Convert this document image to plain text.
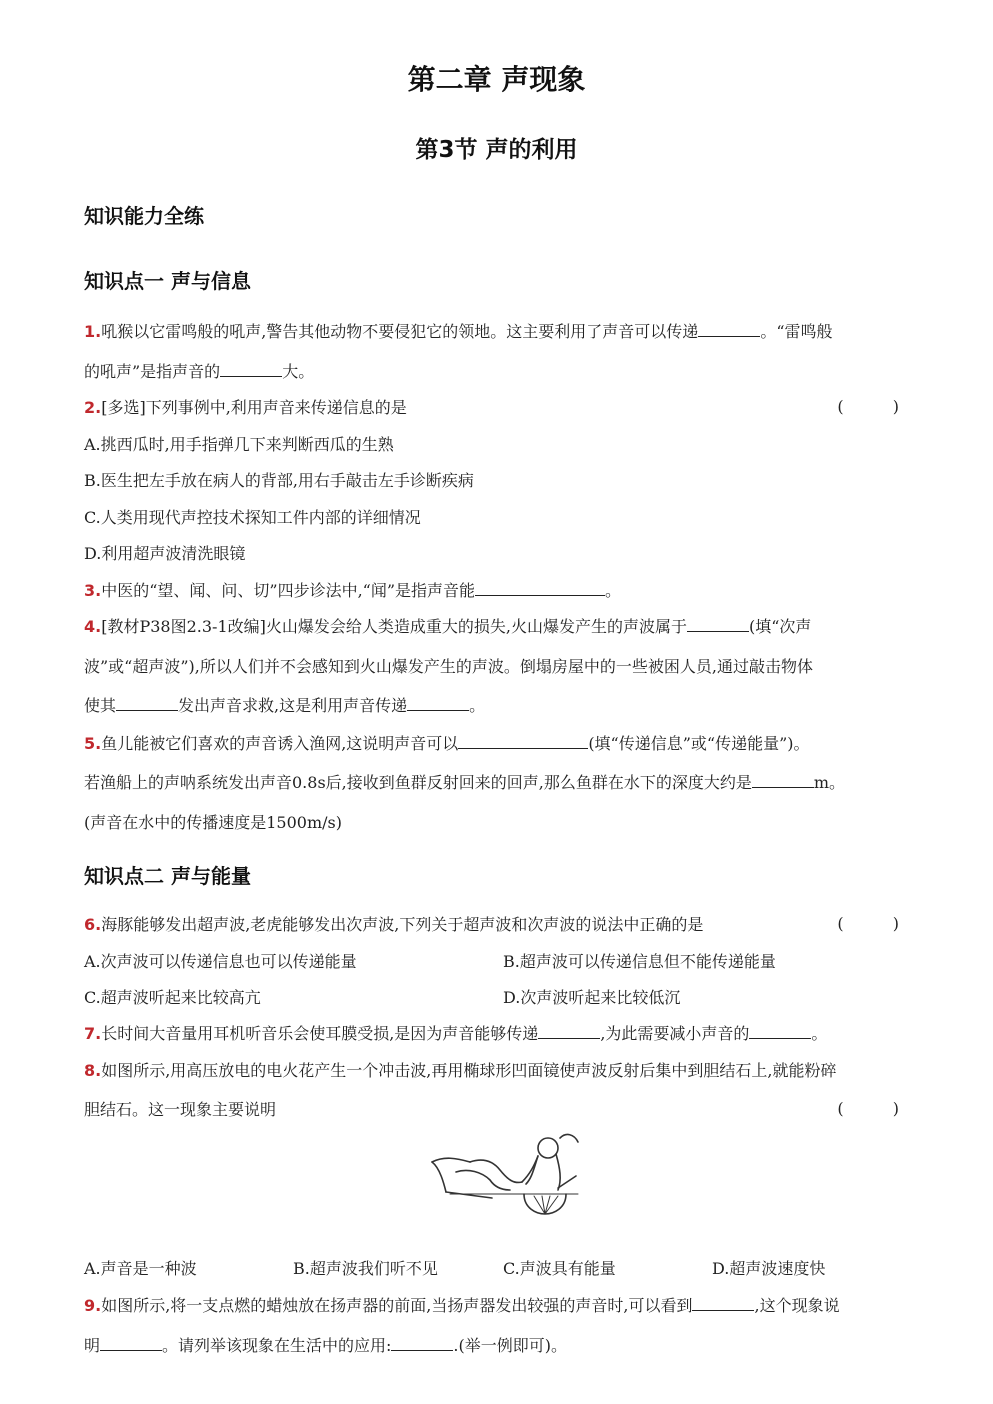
第二章 声现象
第3节 声的利用
知识能力全练
知识点一 声与信息
1.吼猴以它雷鸣般的吼声,警告其他动物不要侵犯它的领地。这主要利用了声音可以传递	。“雷鸣般
的吼声”是指声音的	大。
2.[多选]下列事例中,利用声音来传递信息的是	( )
A.挑西瓜时,用手指弹几下来判断西瓜的生熟
B.医生把左手放在病人的背部,用右手敲击左手诊断疾病
C.人类用现代声控技术探知工件内部的详细情况
D.利用超声波清洗眼镜
3.中医的“望、闻、问、切”四步诊法中,“闻”是指声音能	。
4.[教材P38图2.3-1改编]火山爆发会给人类造成重大的损失,火山爆发产生的声波属于	(填“次声
波”或“超声波”),所以人们并不会感知到火山爆发产生的声波。倒塌房屋中的一些被困人员,通过敲击物体
使其	发出声音求救,这是利用声音传递	。
5.鱼儿能被它们喜欢的声音诱入渔网,这说明声音可以	(填“传递信息”或“传递能量”)。
若渔船上的声呐系统发出声音0.8s后,接收到鱼群反射回来的回声,那么鱼群在水下的深度大约是	m。
(声音在水中的传播速度是1500m/s)
知识点二 声与能量
6.海豚能够发出超声波,老虎能够发出次声波,下列关于超声波和次声波的说法中正确的是	( )
A.次声波可以传递信息也可以传递能量	B.超声波可以传递信息但不能传递能量
C.超声波听起来比较高亢	D.次声波听起来比较低沉
7.长时间大音量用耳机听音乐会使耳膜受损,是因为声音能够传递	,为此需要减小声音的	。
8.如图所示,用高压放电的电火花产生一个冲击波,再用椭球形凹面镜使声波反射后集中到胆结石上,就能粉碎
胆结石。这一现象主要说明	( )
A.声音是一种波	B.超声波我们听不见	C.声波具有能量	D.超声波速度快
9.如图所示,将一支点燃的蜡烛放在扬声器的前面,当扬声器发出较强的声音时,可以看到	,这个现象说
明	。请列举该现象在生活中的应用:	.(举一例即可)。
